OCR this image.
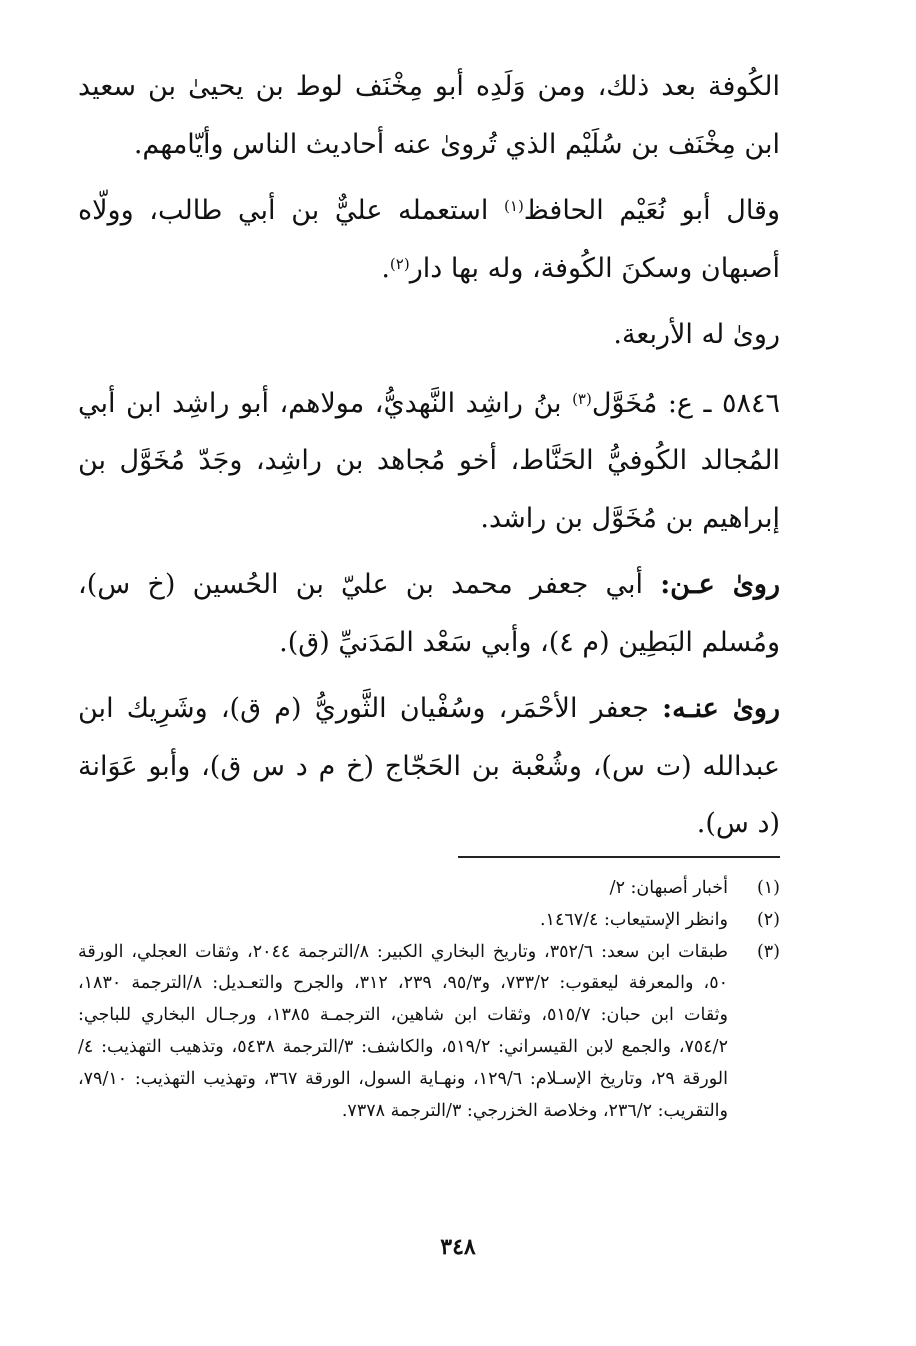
الكُوفة بعد ذلك، ومن وَلَدِه أبو مِخْنَف لوط بن يحيىٰ بن سعيد ابن مِخْنَف بن سُلَيْم الذي تُروىٰ عنه أحاديث الناس وأيّامهم.

وقال أبو نُعَيْم الحافظ$^{(١)}$ استعمله عليٌّ بن أبي طالب، وولّاه أصبهان وسكنَ الكُوفة، وله بها دار$^{(٢)}$.

روىٰ له الأربعة.

٥٨٤٦ ـ ع: مُخَوَّل$^{(٣)}$ بنُ راشِد النَّهديُّ، مولاهم، أبو راشِد ابن أبي المُجالد الكُوفيُّ الحَنَّاط، أخو مُجاهد بن راشِد، وجَدّ مُخَوَّل بن إبراهيم بن مُخَوَّل بن راشد.

روىٰ عـن: أبي جعفر محمد بن عليّ بن الحُسين (خ س)، ومُسلم البَطِين (م ٤)، وأبي سَعْد المَدَنيِّ (ق).

روىٰ عنـه: جعفر الأحْمَر، وسُفْيان الثَّوريُّ (م ق)، وشَرِيك ابن عبدالله (ت س)، وشُعْبة بن الحَجّاج (خ م د س ق)، وأبو عَوَانة (د س).

(١)
أخبار أصبهان: ٢/
(٢)
وانظر الإستيعاب: ١٤٦٧/٤.
(٣)
طبقات ابن سعد: ٣٥٢/٦، وتاريخ البخاري الكبير: ٨/الترجمة ٢٠٤٤، وثقات العجلي، الورقة ٥٠، والمعرفة ليعقوب: ٧٣٣/٢، و٩٥/٣، ٢٣٩، ٣١٢، والجرح والتعـديل: ٨/الترجمة ١٨٣٠، وثقات ابن حبان: ٥١٥/٧، وثقات ابن شاهين، الترجمـة ١٣٨٥، ورجـال البخاري للباجي: ٧٥٤/٢، والجمع لابن القيسراني: ٥١٩/٢، والكاشف: ٣/الترجمة ٥٤٣٨، وتذهيب التهذيب: ٤/الورقة ٢٩، وتاريخ الإسـلام: ١٢٩/٦، ونهـاية السول، الورقة ٣٦٧، وتهذيب التهذيب: ٧٩/١٠، والتقريب: ٢٣٦/٢، وخلاصة الخزرجي: ٣/الترجمة ٧٣٧٨.
٣٤٨
